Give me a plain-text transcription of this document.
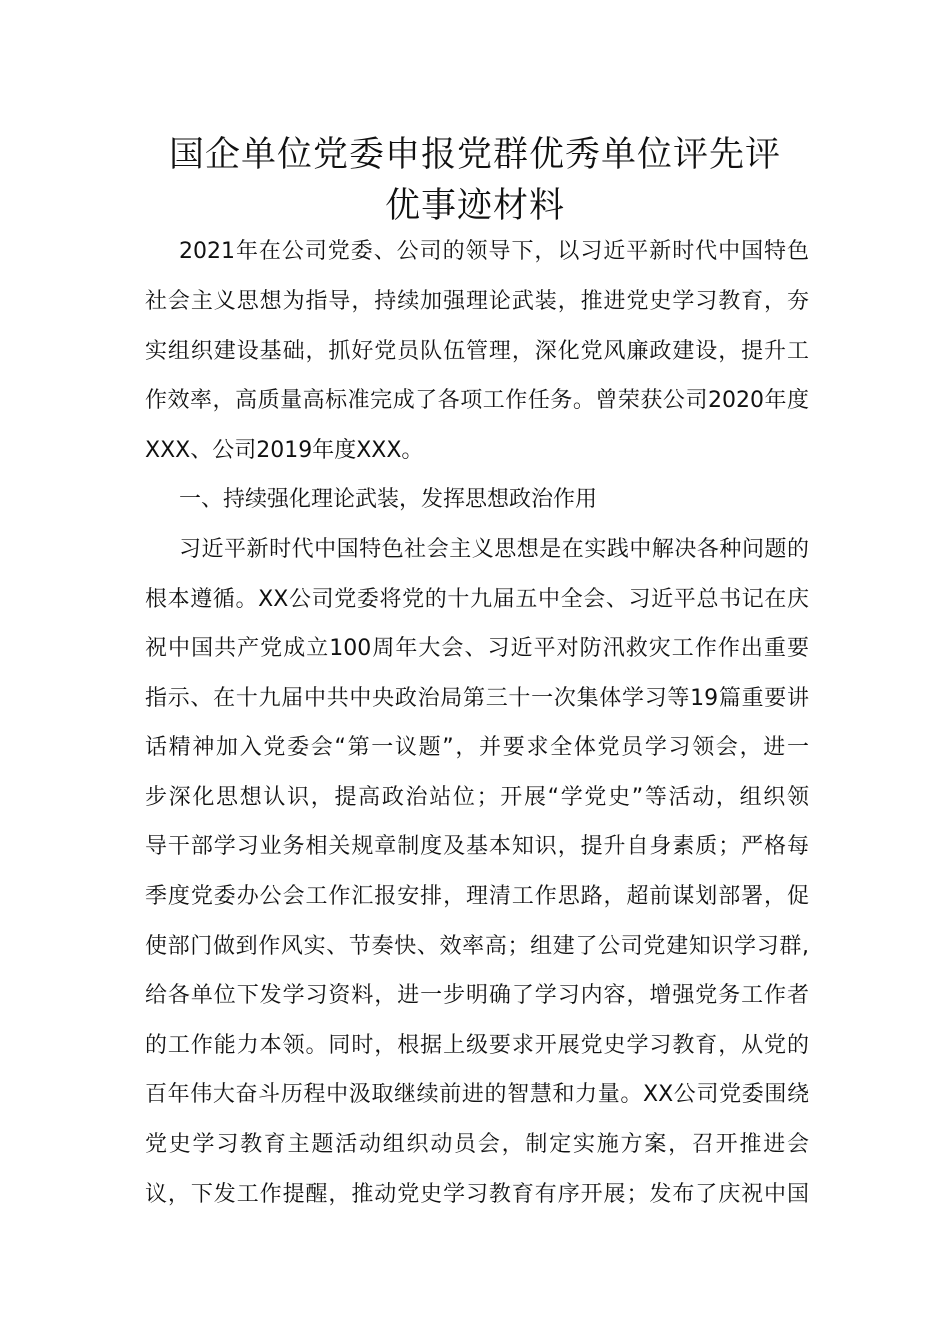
国企单位党委申报党群优秀单位评先评
优事迹材料
2021年在公司党委、公司的领导下，以习近平新时代中国特色
社会主义思想为指导，持续加强理论武装，推进党史学习教育，夯
实组织建设基础，抓好党员队伍管理，深化党风廉政建设，提升工
作效率，高质量高标准完成了各项工作任务。曾荣获公司2020年度
XXX、公司2019年度XXX。
一、持续强化理论武装，发挥思想政治作用
习近平新时代中国特色社会主义思想是在实践中解决各种问题的
根本遵循。XX公司党委将党的十九届五中全会、习近平总书记在庆
祝中国共产党成立100周年大会、习近平对防汛救灾工作作出重要
指示、在十九届中共中央政治局第三十一次集体学习等19篇重要讲
话精神加入党委会“第一议题”，并要求全体党员学习领会，进一
步深化思想认识，提高政治站位；开展“学党史”等活动，组织领
导干部学习业务相关规章制度及基本知识，提升自身素质；严格每
季度党委办公会工作汇报安排，理清工作思路，超前谋划部署，促
使部门做到作风实、节奏快、效率高；组建了公司党建知识学习群,
给各单位下发学习资料，进一步明确了学习内容，增强党务工作者
的工作能力本领。同时，根据上级要求开展党史学习教育，从党的
百年伟大奋斗历程中汲取继续前进的智慧和力量。XX公司党委围绕
党史学习教育主题活动组织动员会，制定实施方案，召开推进会
议，下发工作提醒，推动党史学习教育有序开展；发布了庆祝中国
